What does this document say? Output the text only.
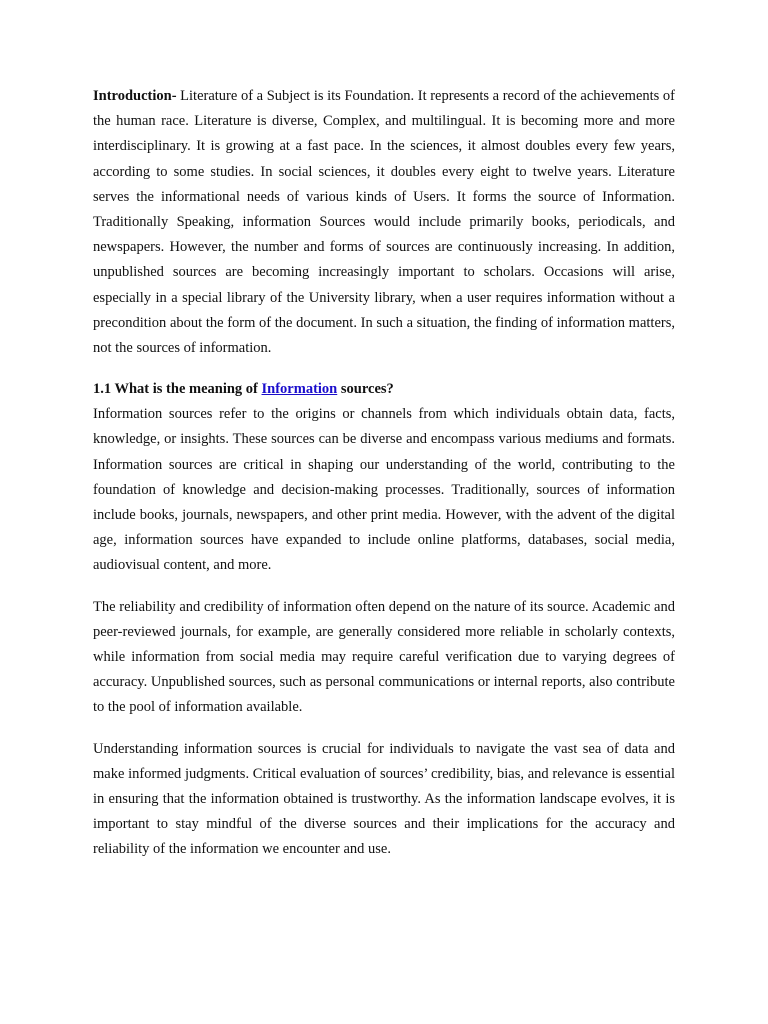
Introduction- Literature of a Subject is its Foundation. It represents a record of the achievements of the human race. Literature is diverse, Complex, and multilingual. It is becoming more and more interdisciplinary. It is growing at a fast pace. In the sciences, it almost doubles every few years, according to some studies. In social sciences, it doubles every eight to twelve years. Literature serves the informational needs of various kinds of Users. It forms the source of Information. Traditionally Speaking, information Sources would include primarily books, periodicals, and newspapers. However, the number and forms of sources are continuously increasing. In addition, unpublished sources are becoming increasingly important to scholars. Occasions will arise, especially in a special library of the University library, when a user requires information without a precondition about the form of the document. In such a situation, the finding of information matters, not the sources of information.

1.1 What is the meaning of Information sources?

Information sources refer to the origins or channels from which individuals obtain data, facts, knowledge, or insights. These sources can be diverse and encompass various mediums and formats. Information sources are critical in shaping our understanding of the world, contributing to the foundation of knowledge and decision-making processes. Traditionally, sources of information include books, journals, newspapers, and other print media. However, with the advent of the digital age, information sources have expanded to include online platforms, databases, social media, audiovisual content, and more.

The reliability and credibility of information often depend on the nature of its source. Academic and peer-reviewed journals, for example, are generally considered more reliable in scholarly contexts, while information from social media may require careful verification due to varying degrees of accuracy. Unpublished sources, such as personal communications or internal reports, also contribute to the pool of information available.

Understanding information sources is crucial for individuals to navigate the vast sea of data and make informed judgments. Critical evaluation of sources’ credibility, bias, and relevance is essential in ensuring that the information obtained is trustworthy. As the information landscape evolves, it is important to stay mindful of the diverse sources and their implications for the accuracy and reliability of the information we encounter and use.
